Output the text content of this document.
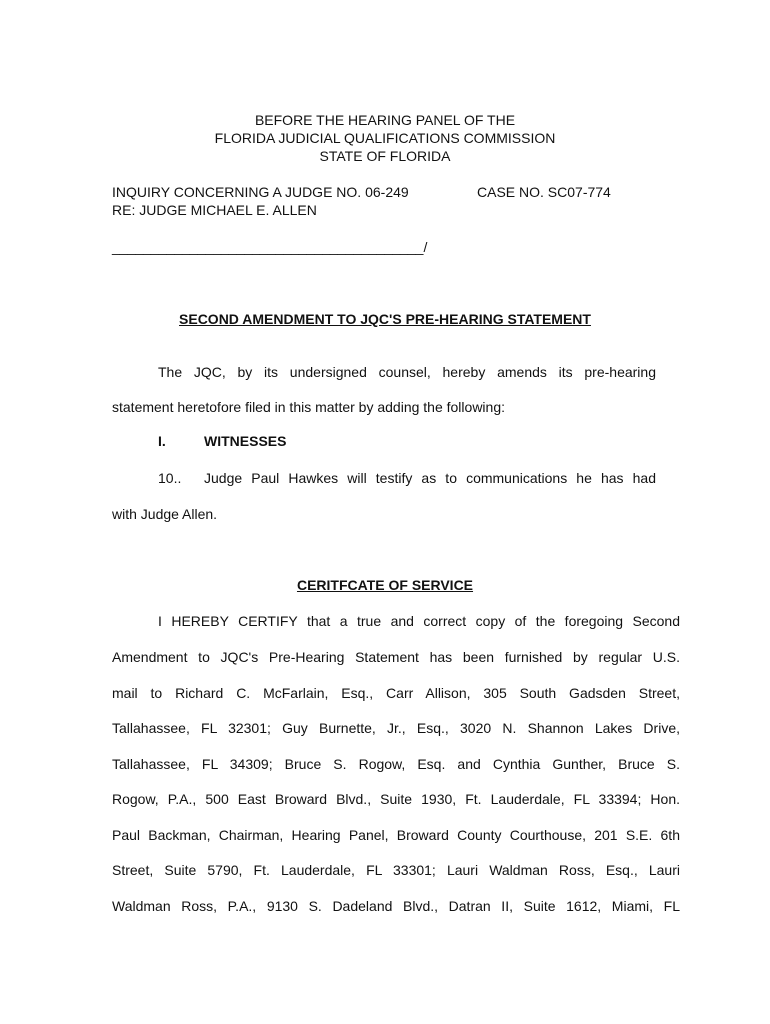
BEFORE THE HEARING PANEL OF THE
FLORIDA JUDICIAL QUALIFICATIONS COMMISSION
STATE OF FLORIDA
INQUIRY CONCERNING A JUDGE NO. 06-249	CASE NO. SC07-774
RE: JUDGE MICHAEL E. ALLEN
________________________________________/
SECOND AMENDMENT TO JQC'S PRE-HEARING STATEMENT
The JQC, by its undersigned counsel, hereby amends its pre-hearing
statement heretofore filed in this matter by adding the following:
I.	WITNESSES
10.. Judge Paul Hawkes will testify as to communications he has had
with Judge Allen.
CERITFCATE OF SERVICE
I HEREBY CERTIFY that a true and correct copy of the foregoing Second
Amendment to JQC's Pre-Hearing Statement has been furnished by regular U.S.
mail to Richard C. McFarlain, Esq., Carr Allison, 305 South Gadsden Street,
Tallahassee, FL 32301; Guy Burnette, Jr., Esq., 3020 N. Shannon Lakes Drive,
Tallahassee, FL 34309; Bruce S. Rogow, Esq. and Cynthia Gunther, Bruce S.
Rogow, P.A., 500 East Broward Blvd., Suite 1930, Ft. Lauderdale, FL 33394; Hon.
Paul Backman, Chairman, Hearing Panel, Broward County Courthouse, 201 S.E. 6th
Street, Suite 5790, Ft. Lauderdale, FL 33301; Lauri Waldman Ross, Esq., Lauri
Waldman Ross, P.A., 9130 S. Dadeland Blvd., Datran II, Suite 1612, Miami, FL
